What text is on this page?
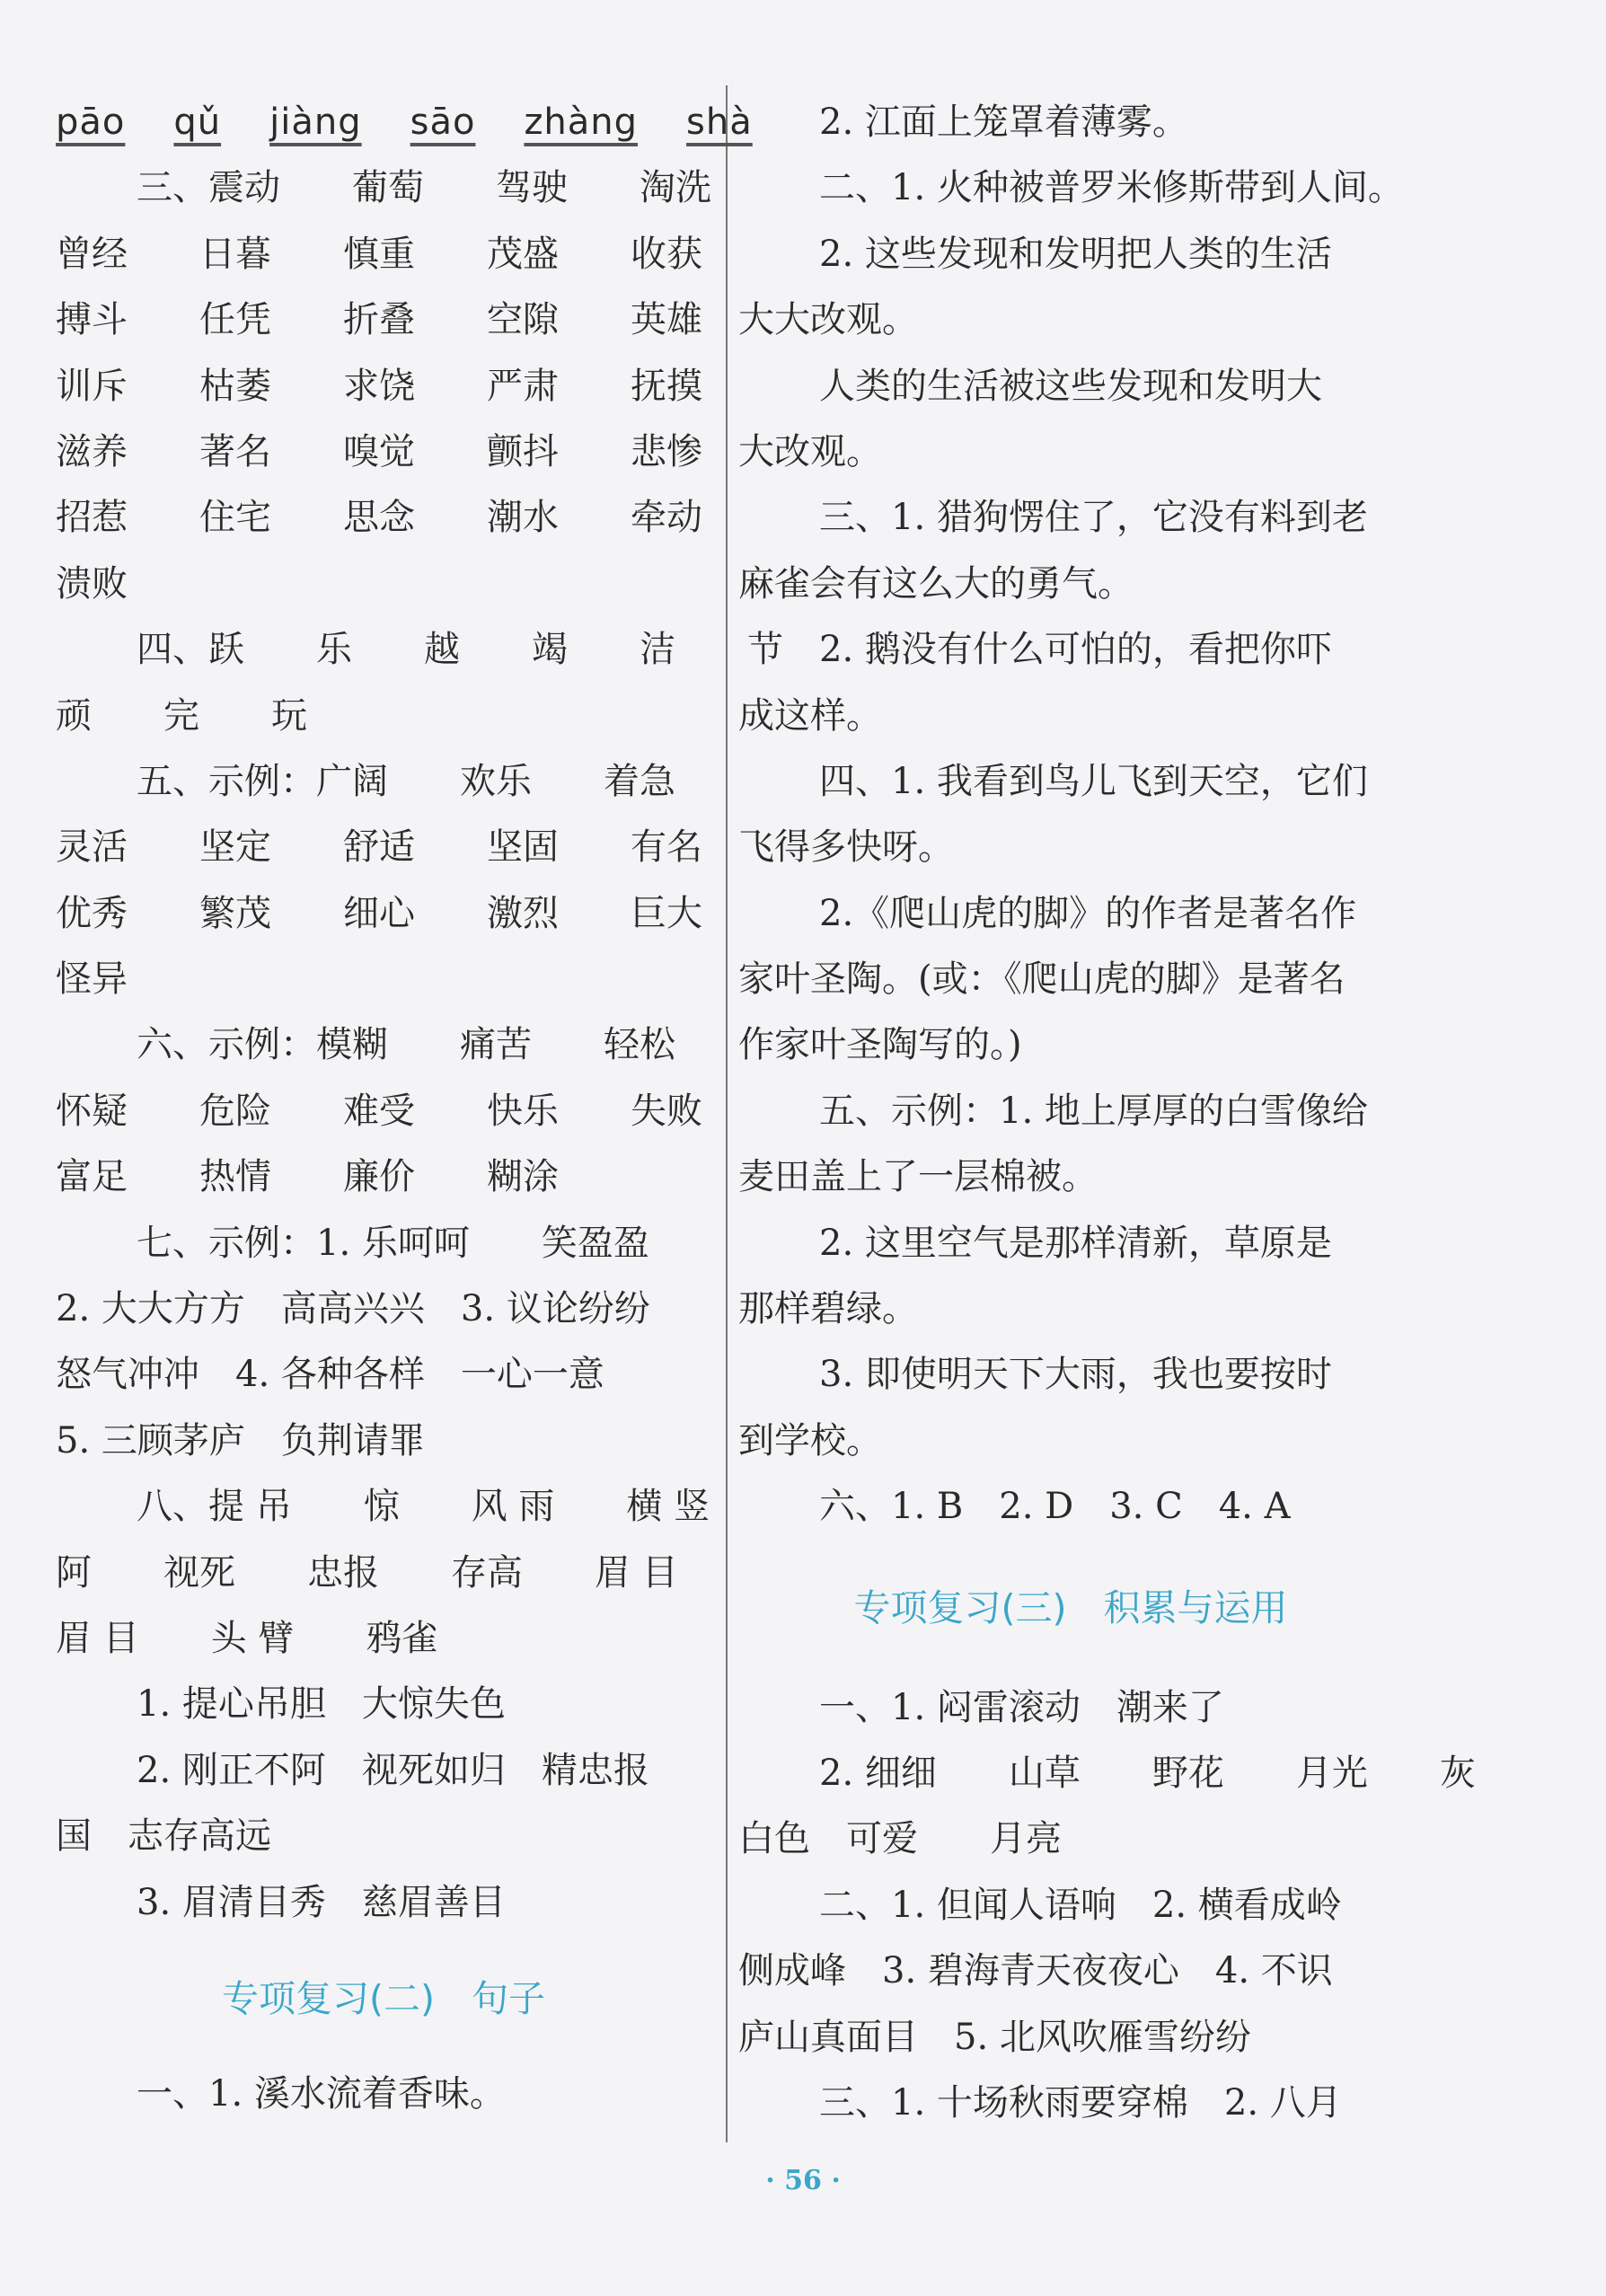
pāo qǔ jiàng sāo zhàng shà
三、震动　　葡萄　　驾驶　　淘洗
曾经　　日暮　　慎重　　茂盛　　收获
搏斗　　任凭　　折叠　　空隙　　英雄
训斥　　枯萎　　求饶　　严肃　　抚摸
滋养　　著名　　嗅觉　　颤抖　　悲惨
招惹　　住宅　　思念　　潮水　　牵动
溃败
四、跃　　乐　　越　　竭　　洁　　节
顽　　完　　玩
五、示例：广阔　　欢乐　　着急
灵活　　坚定　　舒适　　坚固　　有名
优秀　　繁茂　　细心　　激烈　　巨大
怪异
六、示例：模糊　　痛苦　　轻松
怀疑　　危险　　难受　　快乐　　失败
富足　　热情　　廉价　　糊涂
七、示例：1. 乐呵呵　　笑盈盈
2. 大大方方　高高兴兴　3. 议论纷纷
怒气冲冲　4. 各种各样　一心一意
5. 三顾茅庐　负荆请罪
八、提 吊　　惊　　风 雨　　横 竖
阿　　视死　　忠报　　存高　　眉 目
眉 目　　头 臂　　鸦雀
1. 提心吊胆　大惊失色
2. 刚正不阿　视死如归　精忠报
国　志存高远
3. 眉清目秀　慈眉善目
专项复习(二)　句子
一、1. 溪水流着香味。
2. 江面上笼罩着薄雾。
二、1. 火种被普罗米修斯带到人间。
2. 这些发现和发明把人类的生活
大大改观。
人类的生活被这些发现和发明大
大改观。
三、1. 猎狗愣住了，它没有料到老
麻雀会有这么大的勇气。
2. 鹅没有什么可怕的，看把你吓
成这样。
四、1. 我看到鸟儿飞到天空，它们
飞得多快呀。
2.《爬山虎的脚》的作者是著名作
家叶圣陶。(或：《爬山虎的脚》是著名
作家叶圣陶写的。)
五、示例：1. 地上厚厚的白雪像给
麦田盖上了一层棉被。
2. 这里空气是那样清新，草原是
那样碧绿。
3. 即使明天下大雨，我也要按时
到学校。
六、1. B　2. D　3. C　4. A
专项复习(三)　积累与运用
一、1. 闷雷滚动　潮来了
2. 细细　　山草　　野花　　月光　　灰
白色　可爱　　月亮
二、1. 但闻人语响　2. 横看成岭
侧成峰　3. 碧海青天夜夜心　4. 不识
庐山真面目　5. 北风吹雁雪纷纷
三、1. 十场秋雨要穿棉　2. 八月
· 56 ·
